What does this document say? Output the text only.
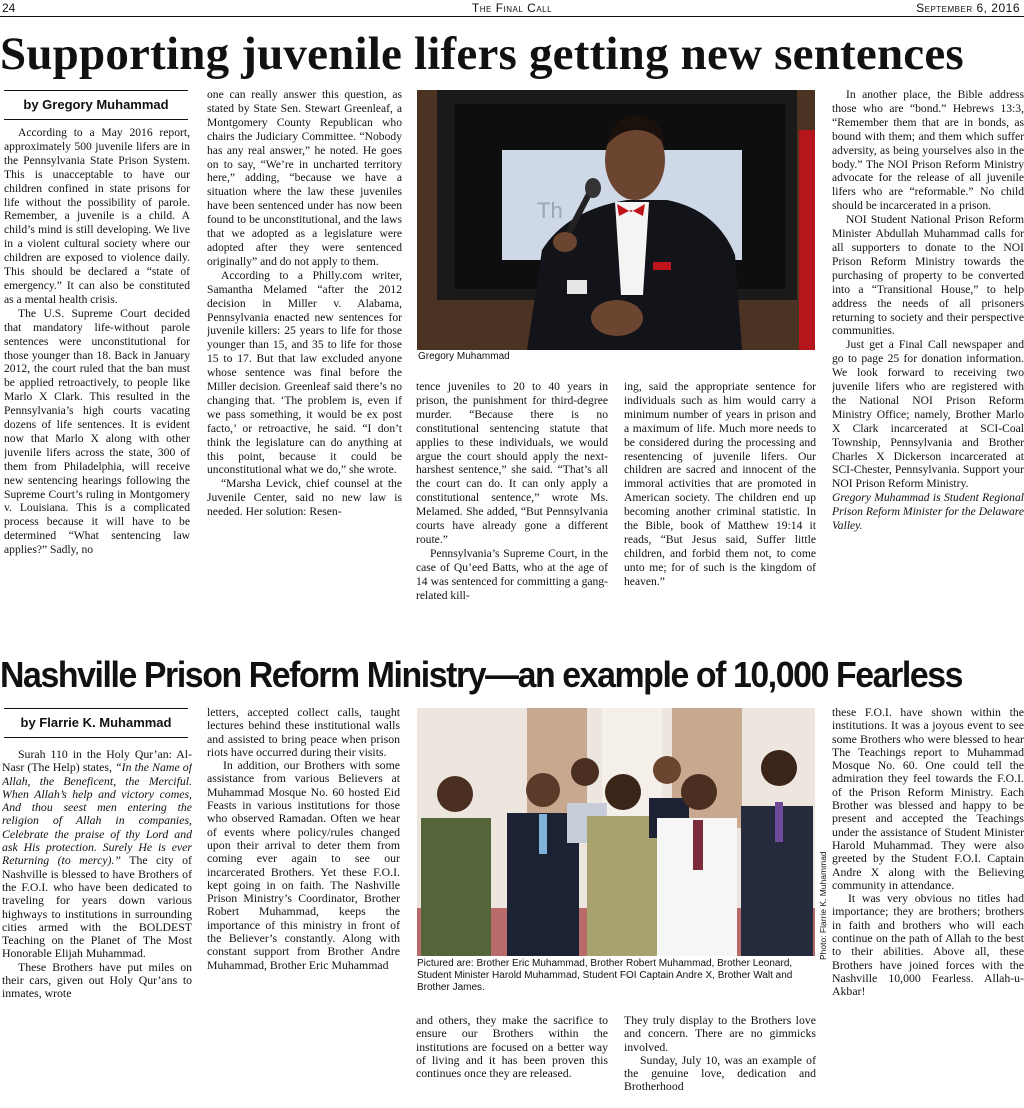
24	The Final Call	September 6, 2016
Supporting juvenile lifers getting new sentences
by Gregory Muhammad

According to a May 2016 report, approximately 500 juvenile lifers are in the Pennsylvania State Prison System. This is unacceptable to have our children confined in state prisons for life without the possibility of parole. Remember, a juvenile is a child. A child’s mind is still developing. We live in a violent cultural society where our children are exposed to violence daily. This should be declared a “state of emergency.” It can also be constituted as a mental health crisis.

The U.S. Supreme Court decided that mandatory life-without parole sentences were unconstitutional for those younger than 18. Back in January 2012, the court ruled that the ban must be applied retroactively, to people like Marlo X Clark. This resulted in the Pennsylvania’s high courts vacating dozens of life sentences. It is evident now that Marlo X along with other juvenile lifers across the state, 300 of them from Philadelphia, will receive new sentencing hearings following the Supreme Court’s ruling in Montgomery v. Louisiana. This is a complicated process because it will have to be determined “What sentencing law applies?” Sadly, no

one can really answer this question, as stated by State Sen. Stewart Greenleaf, a Montgomery County Republican who chairs the Judiciary Committee. “Nobody has any real answer,” he noted. He goes on to say, “We’re in uncharted territory here,” adding, “because we have a situation where the law these juveniles have been sentenced under has now been found to be unconstitutional, and the laws that we adopted as a legislature were adopted after they were sentenced originally” and do not apply to them.

According to a Philly.com writer, Samantha Melamed “after the 2012 decision in Miller v. Alabama, Pennsylvania enacted new sentences for juvenile killers: 25 years to life for those younger than 15, and 35 to life for those 15 to 17. But that law excluded anyone whose sentence was final before the Miller decision. Greenleaf said there’s no changing that. ‘The problem is, even if we pass something, it would be ex post facto,’ or retroactive, he said. “I don’t think the legislature can do anything at this point, because it could be unconstitutional what we do,” she wrote.

“Marsha Levick, chief counsel at the Juvenile Center, said no new law is needed. Her solution: Resen-

Th
Gregory Muhammad

tence juveniles to 20 to 40 years in prison, the punishment for third-degree murder. “Because there is no constitutional sentencing statute that applies to these individuals, we would argue the court should apply the next-harshest sentence,” she said. “That’s all the court can do. It can only apply a constitutional sentence,” wrote Ms. Melamed. She added, “But Pennsylvania courts have already gone a different route.”

Pennsylvania’s Supreme Court, in the case of Qu’eed Batts, who at the age of 14 was sentenced for committing a gang-related kill-

ing, said the appropriate sentence for individuals such as him would carry a minimum number of years in prison and a maximum of life. Much more needs to be considered during the processing and resentencing of juvenile lifers. Our children are sacred and innocent of the immoral activities that are promoted in American society. The children end up becoming another criminal statistic. In the Bible, book of Matthew 19:14 it reads, “But Jesus said, Suffer little children, and forbid them not, to come unto me; for of such is the kingdom of heaven.”

In another place, the Bible address those who are “bond.” Hebrews 13:3, “Remember them that are in bonds, as bound with them; and them which suffer adversity, as being yourselves also in the body.” The NOI Prison Reform Ministry advocate for the release of all juvenile lifers who are “reformable.” No child should be incarcerated in a prison.

NOI Student National Prison Reform Minister Abdullah Muhammad calls for all supporters to donate to the NOI Prison Reform Ministry towards the purchasing of property to be converted into a “Transitional House,” to help address the needs of all prisoners returning to society and their perspective communities.

Just get a Final Call newspaper and go to page 25 for donation information. We look forward to receiving two juvenile lifers who are registered with the National NOI Prison Reform Ministry Office; namely, Brother Marlo X Clark incarcerated at SCI-Coal Township, Pennsylvania and Brother Charles X Dickerson incarcerated at SCI-Chester, Pennsylvania. Support your NOI Prison Reform Ministry.

Gregory Muhammad is Student Regional Prison Reform Minister for the Delaware Valley.

Nashville Prison Reform Ministry—an example of 10,000 Fearless
by Flarrie K. Muhammad

Surah 110 in the Holy Qur’an: Al-Nasr (The Help) states, “In the Name of Allah, the Beneficent, the Merciful. When Allah’s help and victory comes, And thou seest men entering the religion of Allah in companies, Celebrate the praise of thy Lord and ask His protection. Surely He is ever Returning (to mercy).” The city of Nashville is blessed to have Brothers of the F.O.I. who have been dedicated to traveling for years down various highways to institutions in surrounding cities armed with the BOLDEST Teaching on the Planet of The Most Honorable Elijah Muhammad.

These Brothers have put miles on their cars, given out Holy Qur’ans to inmates, wrote

letters, accepted collect calls, taught lectures behind these institutional walls and assisted to bring peace when prison riots have occurred during their visits.

In addition, our Brothers with some assistance from various Believers at Muhammad Mosque No. 60 hosted Eid Feasts in various institutions for those who observed Ramadan. Often we hear of events where policy/rules changed upon their arrival to deter them from coming ever again to see our incarcerated Brothers. Yet these F.O.I. kept going in on faith. The Nashville Prison Ministry’s Coordinator, Brother Robert Muhammad, keeps the importance of this ministry in front of the Believer’s constantly. Along with constant support from Brother Andre Muhammad, Brother Eric Muhammad

Photo: Flarrie K. Muhammad
Pictured are: Brother Eric Muhammad, Brother Robert Muhammad, Brother Leonard, Student Minister Harold Muhammad, Student FOI Captain Andre X, Brother Walt and Brother James.

and others, they make the sacrifice to ensure our Brothers within the institutions are focused on a better way of living and it has been proven this continues once they are released.

They truly display to the Brothers love and concern. There are no gimmicks involved.

Sunday, July 10, was an example of the genuine love, dedication and Brotherhood

these F.O.I. have shown within the institutions. It was a joyous event to see some Brothers who were blessed to hear The Teachings report to Muhammad Mosque No. 60. One could tell the admiration they feel towards the F.O.I. of the Prison Reform Ministry. Each Brother was blessed and happy to be present and accepted the Teachings under the assistance of Student Minister Harold Muhammad. They were also greeted by the Student F.O.I. Captain Andre X along with the Believing community in attendance.

It was very obvious no titles had importance; they are brothers; brothers in faith and brothers who will each continue on the path of Allah to the best to their abilities. Above all, these Brothers have joined forces with the Nashville 10,000 Fearless. Allah-u-Akbar!
